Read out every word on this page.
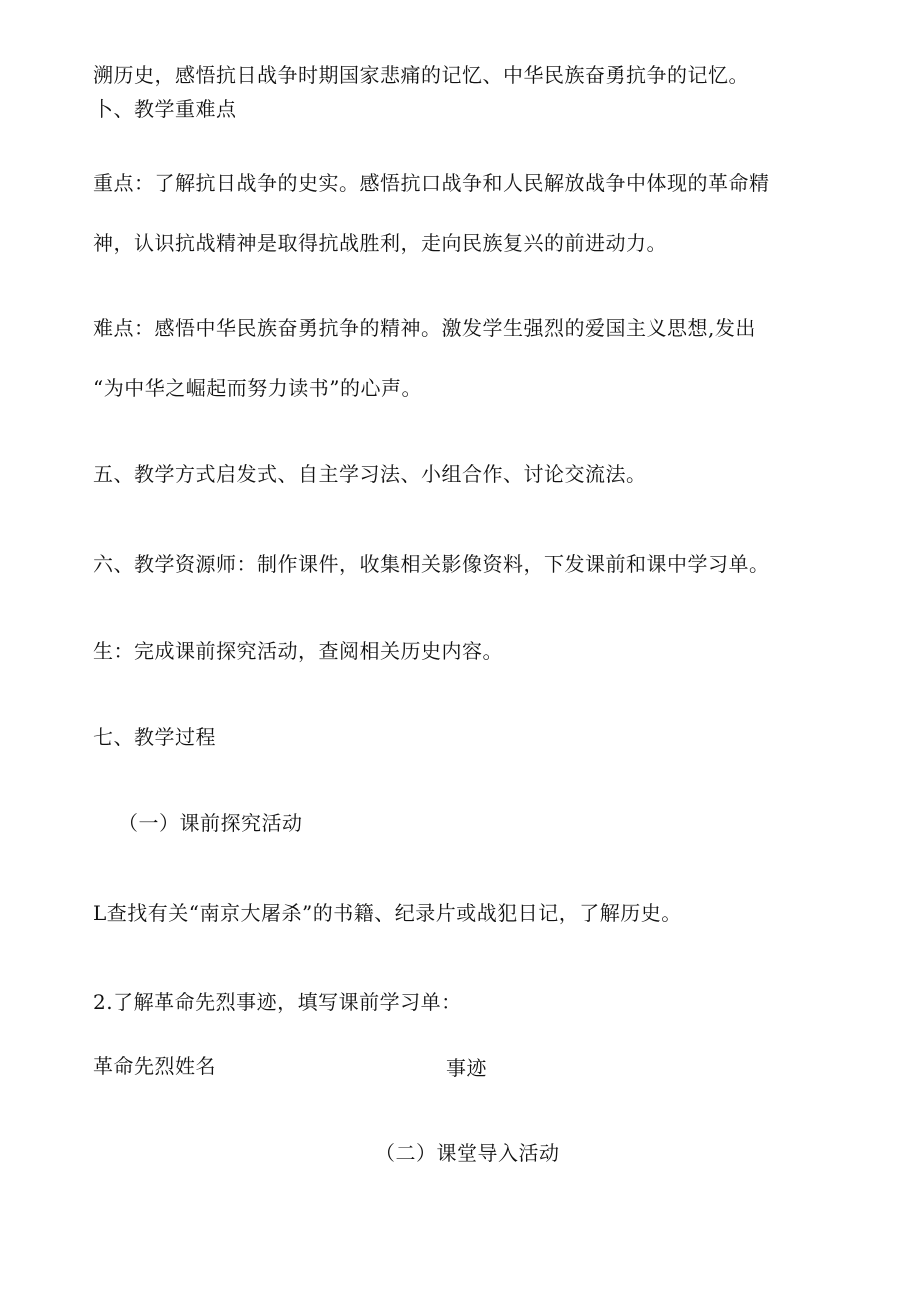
溯历史，感悟抗日战争时期国家悲痛的记忆、中华民族奋勇抗争的记忆。
卜、教学重难点
重点：了解抗日战争的史实。感悟抗口战争和人民解放战争中体现的革命精
神，认识抗战精神是取得抗战胜利，走向民族复兴的前进动力。
难点：感悟中华民族奋勇抗争的精神。激发学生强烈的爱国主义思想,发出
“为中华之崛起而努力读书”的心声。
五、教学方式启发式、自主学习法、小组合作、讨论交流法。
六、教学资源师：制作课件，收集相关影像资料，下发课前和课中学习单。
生：完成课前探究活动，查阅相关历史内容。
七、教学过程
（一）课前探究活动
L查找有关“南京大屠杀”的书籍、纪录片或战犯日记，了解历史。
2.了解革命先烈事迹，填写课前学习单：
革命先烈姓名	事迹
（二）课堂导入活动
